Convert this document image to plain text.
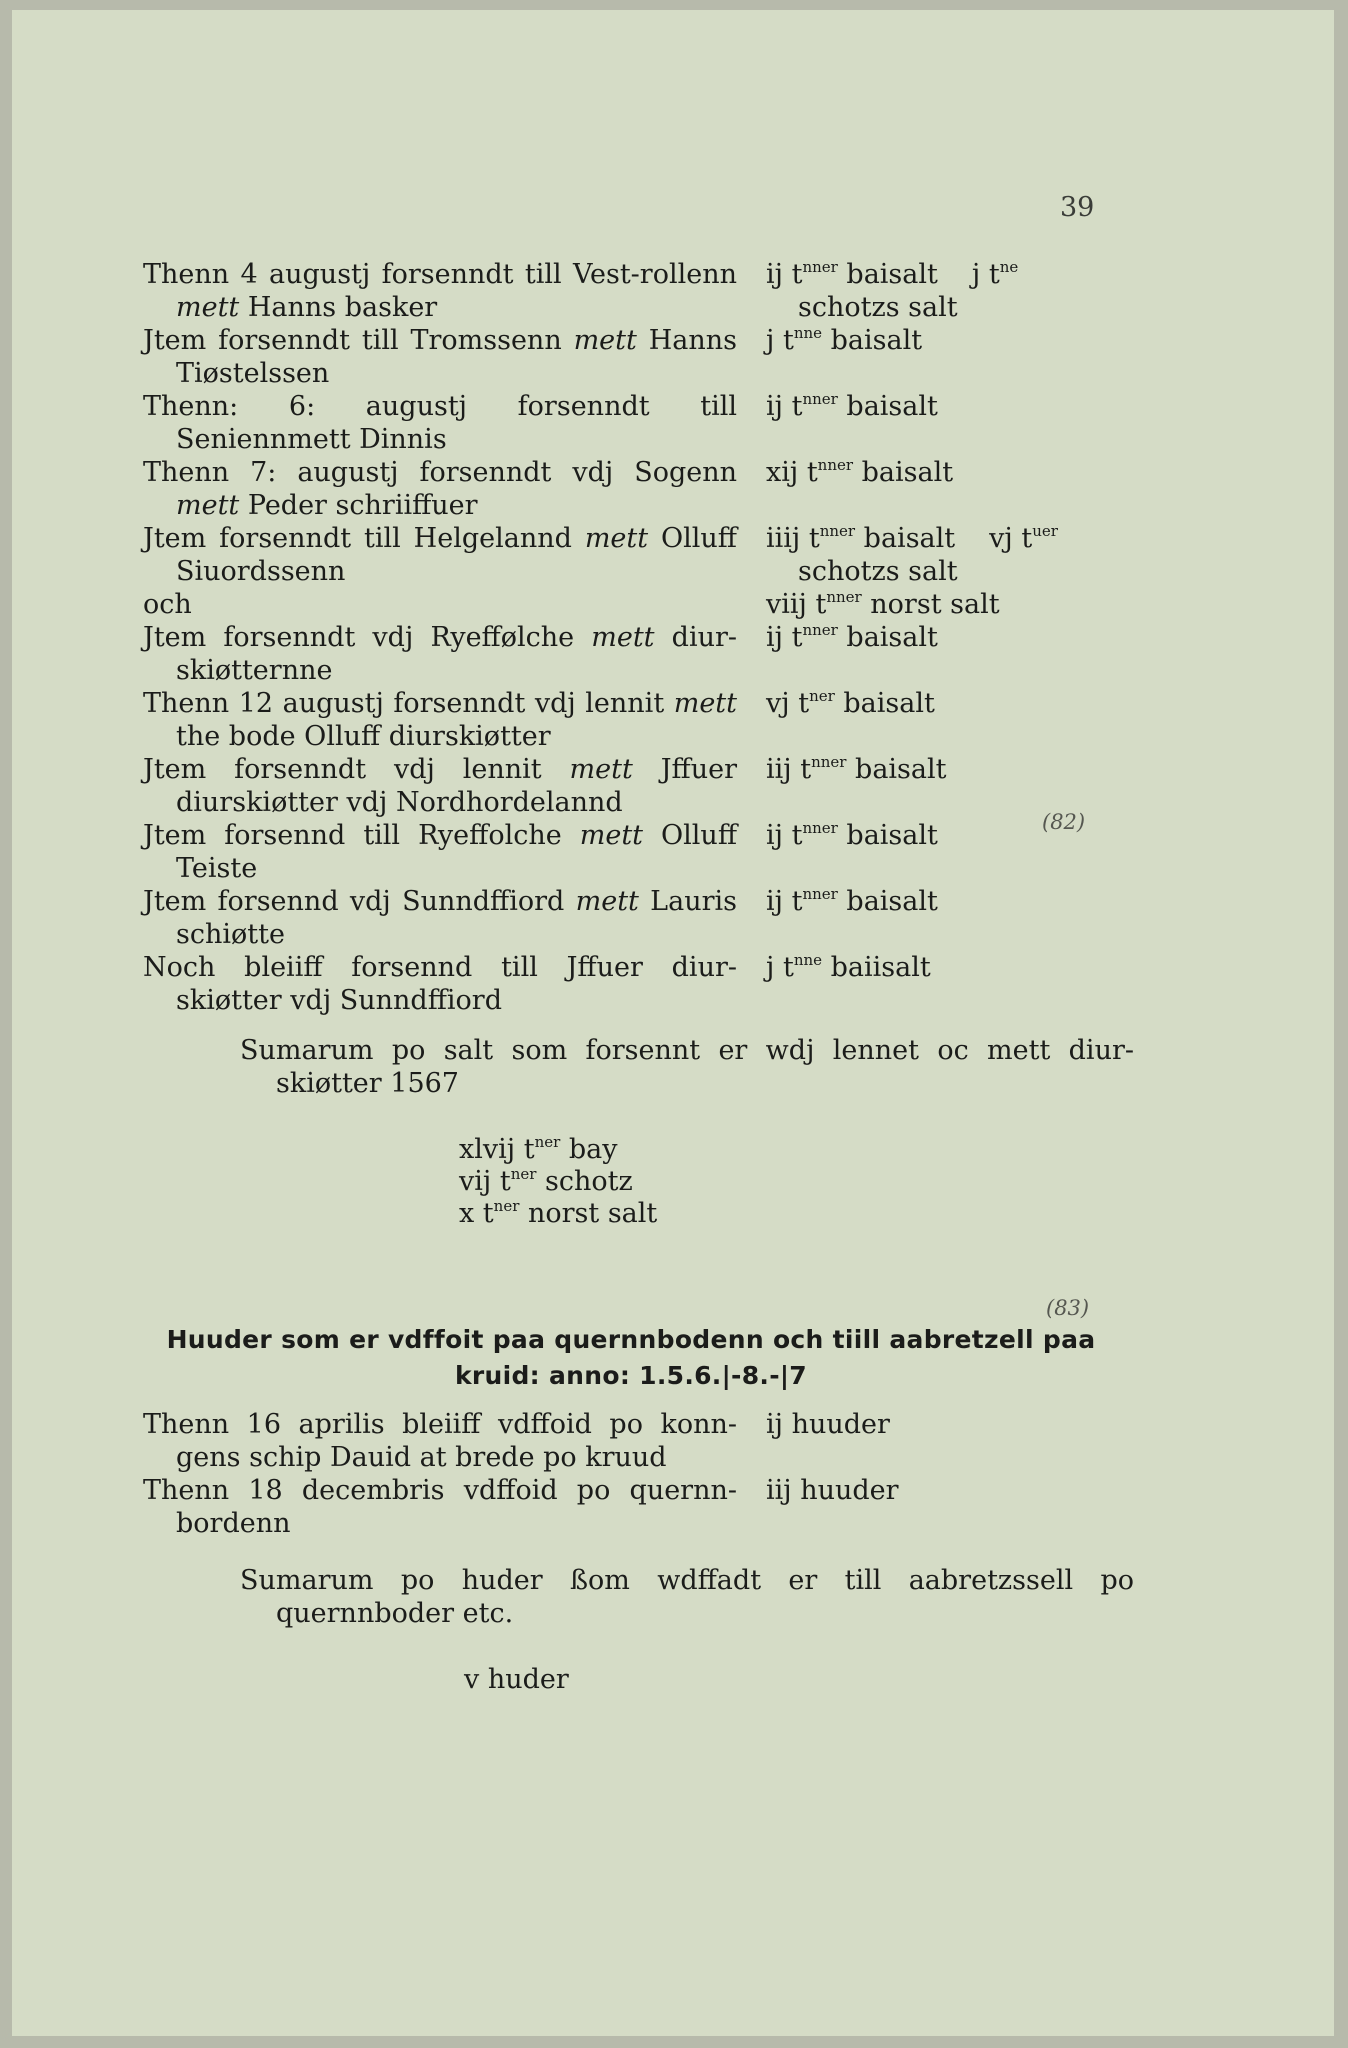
39

Thenn 4 augustj forsenndt till Vest-rollenn mett Hanns basker

ij $t^{nner}$ baisalt j $t^{ne}$
schotzs salt

Jtem forsenndt till Tromssenn mett Hanns Tiøstelssen

j $t^{nne}$ baisalt

Thenn: 6: augustj forsenndt till Seniennmett Dinnis

ij $t^{nner}$ baisalt

Thenn 7: augustj forsenndt vdj Sogenn mett Peder schriiffuer

xij $t^{nner}$ baisalt

Jtem forsenndt till Helgelannd mett Olluff Siuordssenn

iiij $t^{nner}$ baisalt vj $t^{uer}$
schotzs salt

och	viij $t^{nner}$ norst salt

Jtem forsenndt vdj Ryeffølche mett diur-skiøtternne

ij $t^{nner}$ baisalt

Thenn 12 augustj forsenndt vdj lennit mett the bode Olluff diurskiøtter

vj $t^{ner}$ baisalt

Jtem forsenndt vdj lennit mett Jffuer diurskiøtter vdj Nordhordelannd

iij $t^{nner}$ baisalt

Jtem forsennd till Ryeffolche mett Olluff Teiste

ij $t^{nner}$ baisalt

Jtem forsennd vdj Sunndffiord mett Lauris schiøtte

ij $t^{nner}$ baisalt

Noch bleiiff forsennd till Jffuer diur-skiøtter vdj Sunndffiord

j $t^{nne}$ baiisalt
(82)
Sumarum po salt som forsennt er wdj lennet oc mett diur-skiøtter 1567
xlvij $t^{ner}$ bay
vij $t^{ner}$ schotz
x $t^{ner}$ norst salt
(83)
Huuder som er vdffoit paa quernnbodenn och tiill aabretzell paa kruid: anno: 1.5.6.|-8.-|7

Thenn 16 aprilis bleiiff vdffoid po konn-gens schip Dauid at brede po kruud

ij huuder

Thenn 18 decembris vdffoid po quernn-bordenn

iij huuder
Sumarum po huder ßom wdffadt er till aabretzssell po quernnboder etc.
v huder
